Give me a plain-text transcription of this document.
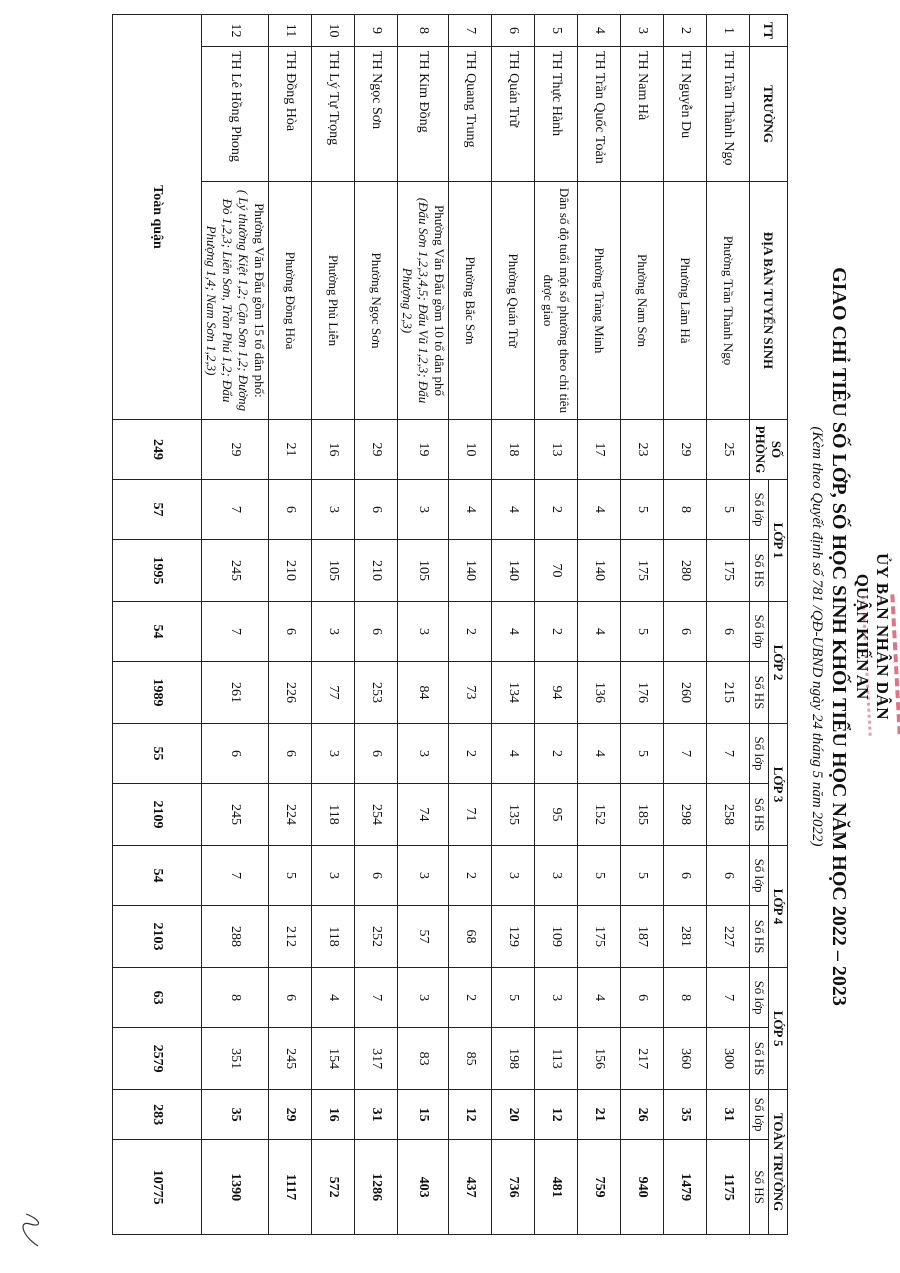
ỦY BAN NHÂN DÂN
QUẬN KIẾN AN
GIAO CHỈ TIÊU SỐ LỚP, SỐ HỌC SINH KHỐI TIỂU HỌC NĂM HỌC 2022 – 2023
(Kèm theo Quyết định số 781 /QĐ-UBND ngày 24 tháng 5 năm 2022)
TT	TRƯỜNG	ĐỊA BÀN TUYỂN SINH	SỐ PHÒNG	LỚP 1		LỚP 2		LỚP 3		LỚP 4		LỚP 5		TOÀN TRƯỜNG	
				Số lớp	Số HS	Số lớp	Số HS	Số lớp	Số HS	Số lớp	Số HS	Số lớp	Số HS	Số lớp	Số HS
1	TH Trần Thành Ngọ	Phường Trần Thành Ngọ	25	5	175	6	215	7	258	6	227	7	300	31	1175
2	TH Nguyễn Du	Phường Lãm Hà	29	8	280	6	260	7	298	6	281	8	360	35	1479
3	TH Nam Hà	Phường Nam Sơn	23	5	175	5	176	5	185	5	187	6	217	26	940
4	TH Trần Quốc Toản	Phường Tràng Minh	17	4	140	4	136	4	152	5	175	4	156	21	759
5	TH Thực Hành	Dân số độ tuổi một số phường theo chỉ tiêu được giao	13	2	70	2	94	2	95	3	109	3	113	12	481
6	TH Quán Trữ	Phường Quán Trữ	18	4	140	4	134	4	135	3	129	5	198	20	736
7	TH Quang Trung	Phường Bắc Sơn	10	4	140	2	73	2	71	2	68	2	85	12	437
8	TH Kim Đồng	Phường Văn Đẩu gồm 10 tổ dân phố
(Đẩu Sơn 1,2,3,4,5; Đẩu Vũ 1,2,3; Đẩu Phượng 2,3)	19	3	105	3	84	3	74	3	57	3	83	15	403
9	TH Ngọc Sơn	Phường Ngọc Sơn	29	6	210	6	253	6	254	6	252	7	317	31	1286
10	TH Lý Tự Trọng	Phường Phù Liễn	16	3	105	3	77	3	118	3	118	4	154	16	572
11	TH Đồng Hòa	Phường Đồng Hòa	21	6	210	6	226	6	224	5	212	6	245	29	1117
12	TH Lê Hồng Phong	Phường Văn Đẩu gồm 15 tổ dân phố:
( Lý thường Kiệt 1,2; Cận Sơn 1,2; Đường Đỏ 1,2,3; Liên Sơn, Trần Phú 1,2; Đẩu Phượng 1,4; Nam Sơn 1,2,3)	29	7	245	7	261	6	245	7	288	8	351	35	1390
Toàn quận			249	57	1995	54	1989	55	2109	54	2103	63	2579	283	10775
